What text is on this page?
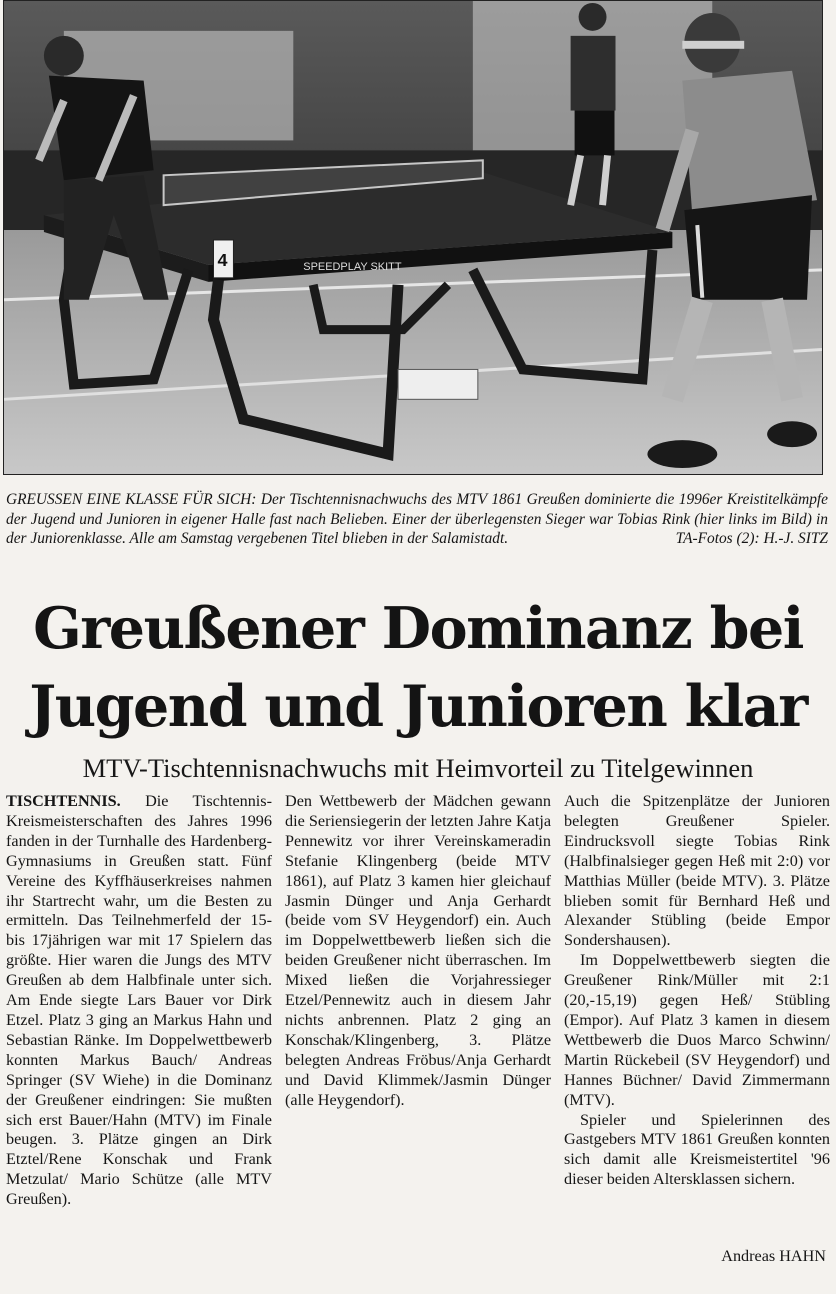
SPEEDPLAY SKITT
4
GREUSSEN EINE KLASSE FÜR SICH: Der Tischtennisnachwuchs des MTV 1861 Greußen dominierte die 1996er Kreistitelkämpfe der Jugend und Junioren in eigener Halle fast nach Belieben. Einer der überlegensten Sieger war Tobias Rink (hier links im Bild) in der Juniorenklasse. Alle am Samstag vergebenen Titel blieben in der Salamistadt.	TA-Fotos (2): H.-J. SITZ
Greußener Dominanz bei
Jugend und Junioren klar
MTV-Tischtennisnachwuchs mit Heimvorteil zu Titelgewinnen

TISCHTENNIS. Die Tischtennis-Kreismeisterschaften des Jahres 1996 fanden in der Turnhalle des Hardenberg-Gymnasiums in Greußen statt. Fünf Vereine des Kyffhäuserkreises nahmen ihr Startrecht wahr, um die Besten zu ermitteln. Das Teilnehmerfeld der 15- bis 17jährigen war mit 17 Spielern das größte. Hier waren die Jungs des MTV Greußen ab dem Halbfinale unter sich. Am Ende siegte Lars Bauer vor Dirk Etzel. Platz 3 ging an Markus Hahn und Sebastian Ränke. Im Doppelwettbewerb konnten Markus Bauch/ Andreas Springer (SV Wiehe) in die Dominanz der Greußener eindringen: Sie mußten sich erst Bauer/Hahn (MTV) im Finale beugen. 3. Plätze gingen an Dirk Etztel/Rene Konschak und Frank Metzulat/ Mario Schütze (alle MTV Greußen).

Den Wettbewerb der Mädchen gewann die Seriensiegerin der letzten Jahre Katja Pennewitz vor ihrer Vereinskameradin Stefanie Klingenberg (beide MTV 1861), auf Platz 3 kamen hier gleichauf Jasmin Dünger und Anja Gerhardt (beide vom SV Heygendorf) ein. Auch im Doppelwettbewerb ließen sich die beiden Greußener nicht überraschen. Im Mixed ließen die Vorjahressieger Etzel/Pennewitz auch in diesem Jahr nichts anbrennen. Platz 2 ging an Konschak/Klingenberg, 3. Plätze belegten Andreas Fröbus/Anja Gerhardt und David Klimmek/Jasmin Dünger (alle Heygendorf).

Auch die Spitzenplätze der Junioren belegten Greußener Spieler. Eindrucksvoll siegte Tobias Rink (Halbfinalsieger gegen Heß mit 2:0) vor Matthias Müller (beide MTV). 3. Plätze blieben somit für Bernhard Heß und Alexander Stübling (beide Empor Sondershausen).

Im Doppelwettbewerb siegten die Greußener Rink/Müller mit 2:1 (20,-15,19) gegen Heß/ Stübling (Empor). Auf Platz 3 kamen in diesem Wettbewerb die Duos Marco Schwinn/ Martin Rückebeil (SV Heygendorf) und Hannes Büchner/ David Zimmermann (MTV).

Spieler und Spielerinnen des Gastgebers MTV 1861 Greußen konnten sich damit alle Kreismeistertitel '96 dieser beiden Altersklassen sichern.

Andreas HAHN
